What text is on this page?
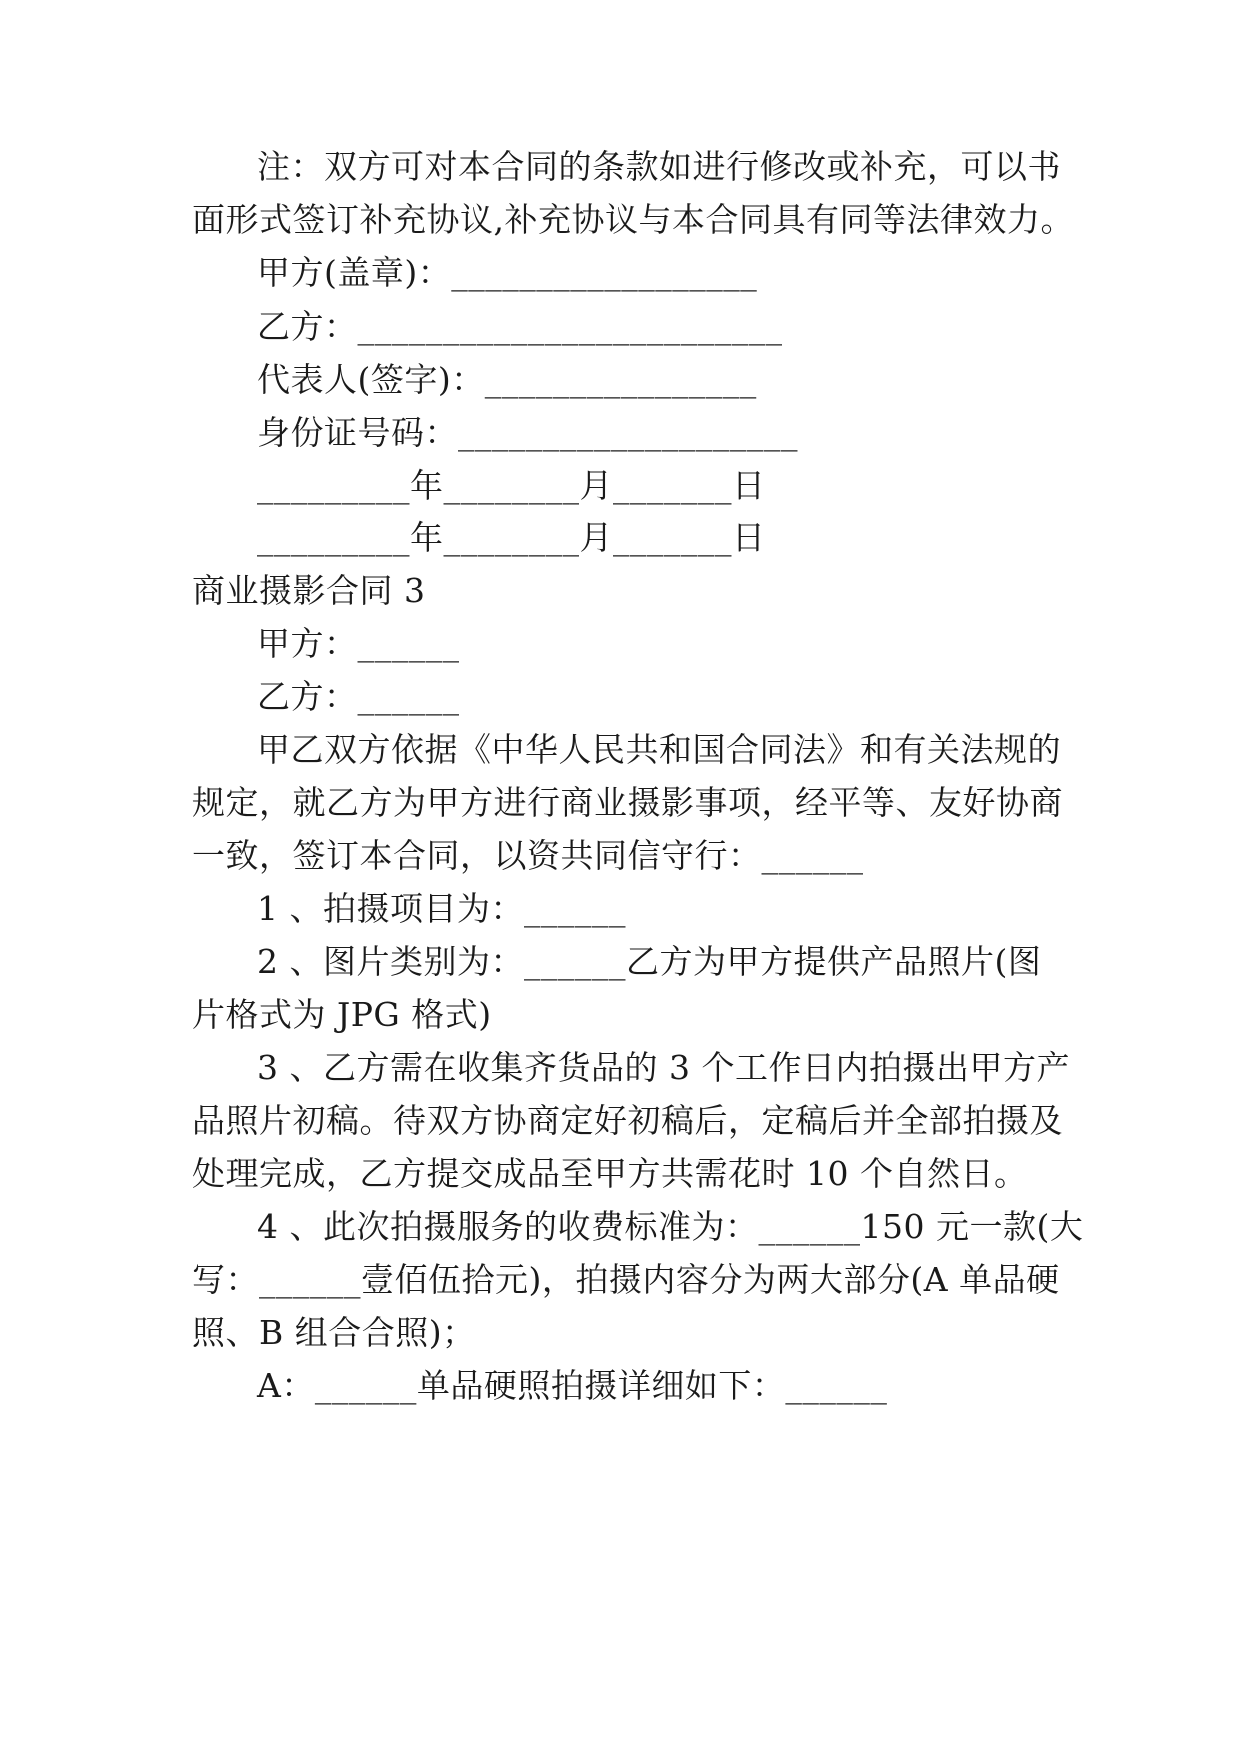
注：双方可对本合同的条款如进行修改或补充，可以书
面形式签订补充协议,补充协议与本合同具有同等法律效力。
甲方(盖章)：__________________
乙方：_________________________
代表人(签字)：________________
身份证号码：____________________
_________年________月_______日
_________年________月_______日
商业摄影合同 3
甲方：______
乙方：______
甲乙双方依据《中华人民共和国合同法》和有关法规的
规定，就乙方为甲方进行商业摄影事项，经平等、友好协商
一致，签订本合同，以资共同信守行：______
1 、拍摄项目为：______
2 、图片类别为：______乙方为甲方提供产品照片(图
片格式为 JPG 格式)
3 、乙方需在收集齐货品的 3 个工作日内拍摄出甲方产
品照片初稿。待双方协商定好初稿后，定稿后并全部拍摄及
处理完成，乙方提交成品至甲方共需花时 10 个自然日。
4 、此次拍摄服务的收费标准为：______150 元一款(大
写：______壹佰伍拾元)，拍摄内容分为两大部分(A 单品硬
照、B 组合合照)；
A：______单品硬照拍摄详细如下：______
